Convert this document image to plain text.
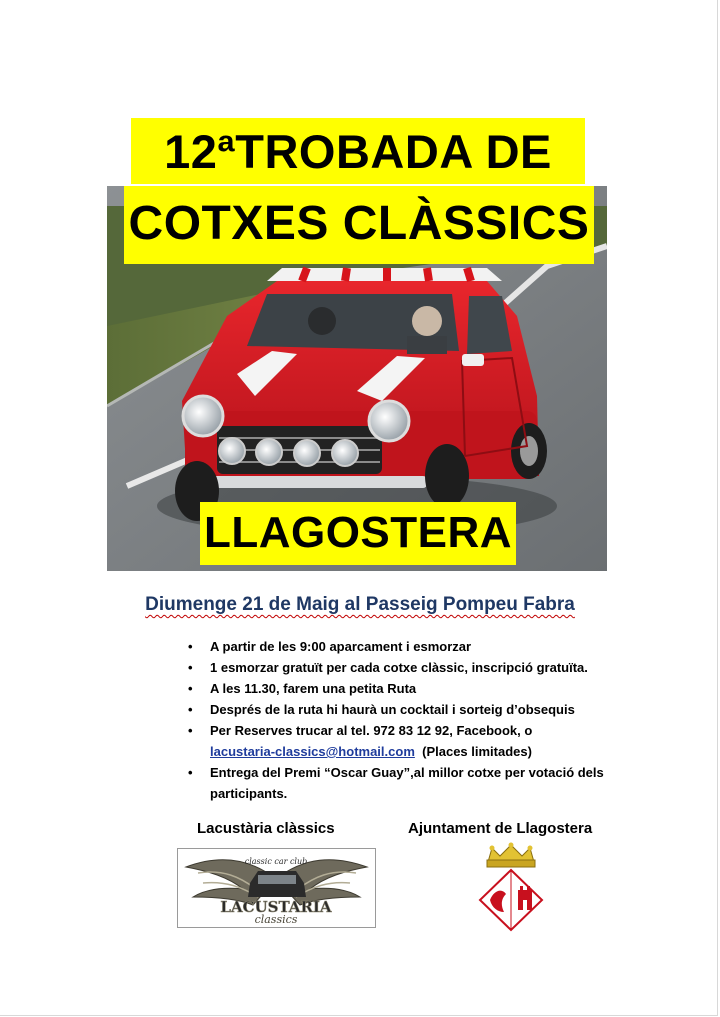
12ªTROBADA DE
COTXES CLÀSSICS
LLAGOSTERA
Diumenge 21 de Maig al Passeig Pompeu Fabra
• A partir de les 9:00 aparcament i esmorzar
• 1 esmorzar gratuït per cada cotxe clàssic, inscripció gratuïta.
• A les 11.30, farem una petita Ruta
• Després de la ruta hi haurà un cocktail i sorteig d’obsequis
• Per Reserves trucar al tel. 972 83 12 92, Facebook, o
lacustaria-classics@hotmail.com (Places limitades)
• Entrega del Premi “Oscar Guay”,al millor cotxe per votació dels
participants.
Lacustària clàssics	Ajuntament de Llagostera
classic car club
LACUSTARIA
classics
